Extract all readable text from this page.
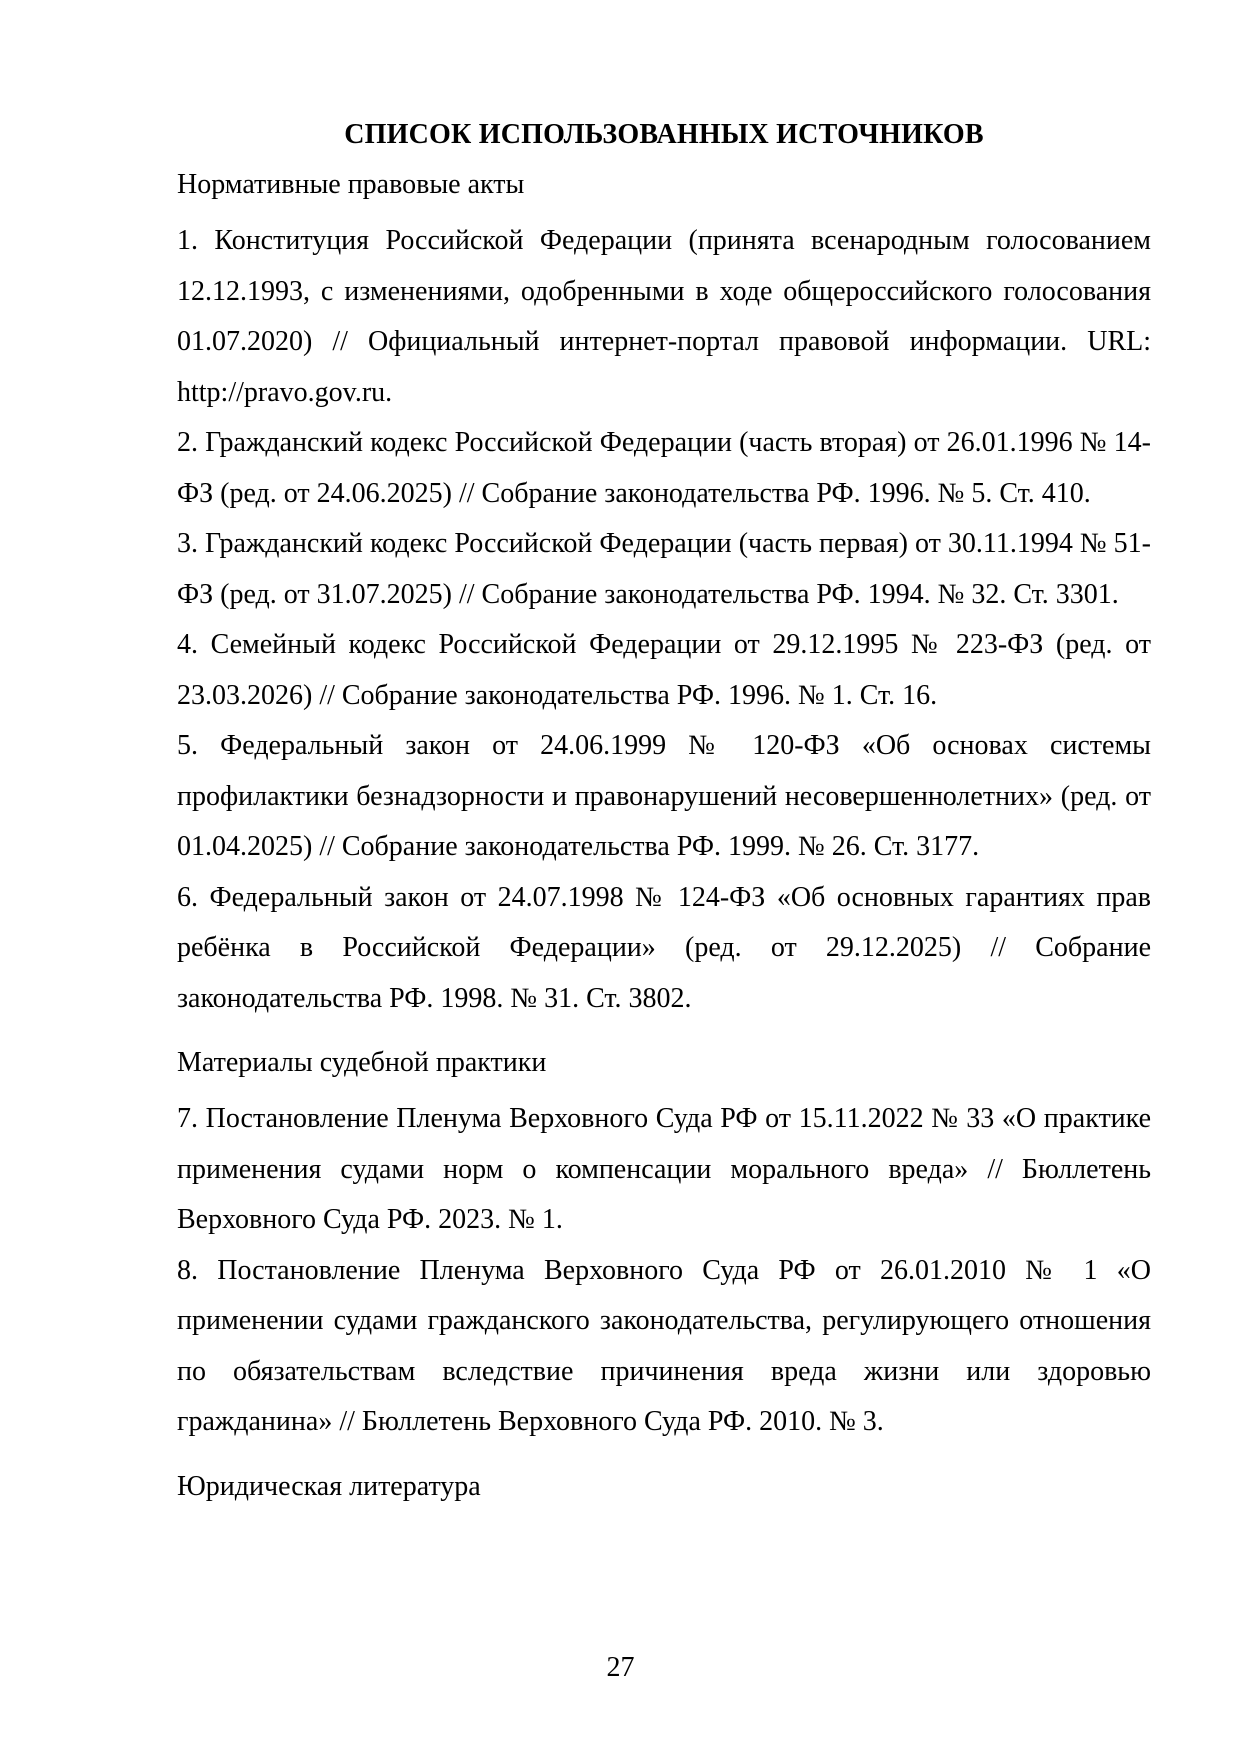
СПИСОК ИСПОЛЬЗОВАННЫХ ИСТОЧНИКОВ

Нормативные правовые акты

1. Конституция Российской Федерации (принята всенародным голосованием 12.12.1993, с изменениями, одобренными в ходе общероссийского голосования 01.07.2020) // Официальный интернет-портал правовой информации. URL: http://pravo.gov.ru.

2. Гражданский кодекс Российской Федерации (часть вторая) от 26.01.1996 № 14-ФЗ (ред. от 24.06.2025) // Собрание законодательства РФ. 1996. № 5. Ст. 410.

3. Гражданский кодекс Российской Федерации (часть первая) от 30.11.1994 № 51-ФЗ (ред. от 31.07.2025) // Собрание законодательства РФ. 1994. № 32. Ст. 3301.

4. Семейный кодекс Российской Федерации от 29.12.1995 № 223-ФЗ (ред. от 23.03.2026) // Собрание законодательства РФ. 1996. № 1. Ст. 16.

5. Федеральный закон от 24.06.1999 № 120-ФЗ «Об основах системы профилактики безнадзорности и правонарушений несовершеннолетних» (ред. от 01.04.2025) // Собрание законодательства РФ. 1999. № 26. Ст. 3177.

6. Федеральный закон от 24.07.1998 № 124-ФЗ «Об основных гарантиях прав ребёнка в Российской Федерации» (ред. от 29.12.2025) // Собрание законодательства РФ. 1998. № 31. Ст. 3802.

Материалы судебной практики

7. Постановление Пленума Верховного Суда РФ от 15.11.2022 № 33 «О практике применения судами норм о компенсации морального вреда» // Бюллетень Верховного Суда РФ. 2023. № 1.

8. Постановление Пленума Верховного Суда РФ от 26.01.2010 № 1 «О применении судами гражданского законодательства, регулирующего отношения по обязательствам вследствие причинения вреда жизни или здоровью гражданина» // Бюллетень Верховного Суда РФ. 2010. № 3.

Юридическая литература

27
